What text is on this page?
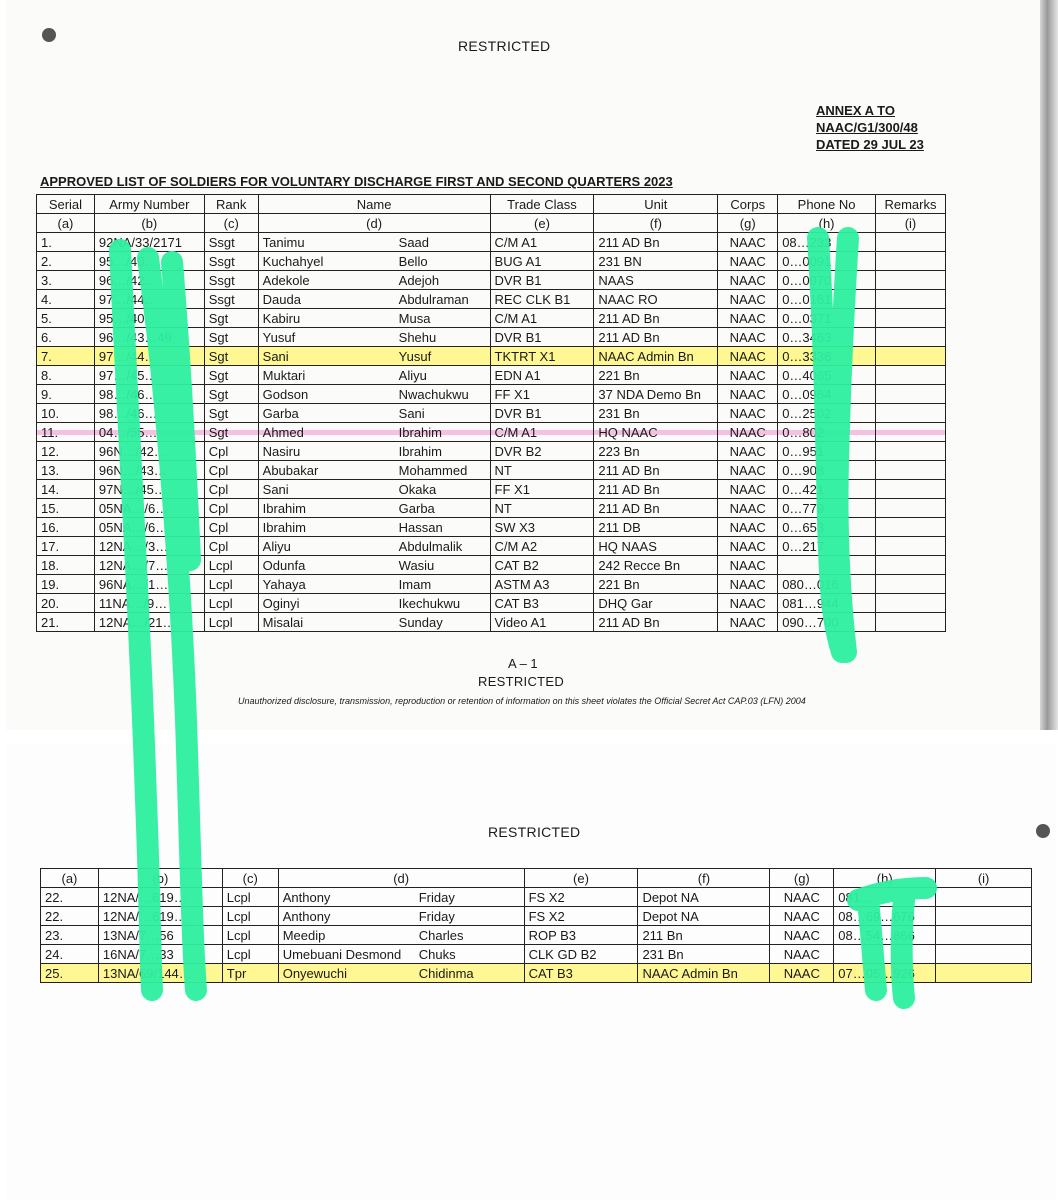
RESTRICTED
ANNEX A TO
NAAC/G1/300/48
DATED 29 JUL 23
APPROVED LIST OF SOLDIERS FOR VOLUNTARY DISCHARGE FIRST AND SECOND QUARTERS 2023
Serial	Army Number	Rank	Name	Trade Class	Unit	Corps	Phone No	Remarks
(a)	(b)	(c)	(d)	(e)	(f)	(g)	(h)	(i)
1.	92NA/33/2171	Ssgt	Tanimu Saad	C/M A1	211 AD Bn	NAAC	08…233	
2.	95…/40…	Ssgt	Kuchahyel Bello	BUG A1	231 BN	NAAC	0…0091	
3.	96…/42…	Ssgt	Adekole Adejoh	DVR B1	NAAS	NAAC	0…0070	
4.	97…/44…	Ssgt	Dauda Abdulraman	REC CLK B1	NAAC RO	NAAC	0…0161	
5.	95…/40…	Sgt	Kabiru Musa	C/M A1	211 AD Bn	NAAC	0…0371	
6.	96…/43…49	Sgt	Yusuf Shehu	DVR B1	211 AD Bn	NAAC	0…3463	
7.	97…/44…	Sgt	Sani Yusuf	TKTRT X1	NAAC Admin Bn	NAAC	0…3336	
8.	97…/45…	Sgt	Muktari Aliyu	EDN A1	221 Bn	NAAC	0…4065	
9.	98…/46…	Sgt	Godson Nwachukwu	FF X1	37 NDA Demo Bn	NAAC	0…0984	
10.	98…/46…	Sgt	Garba Sani	DVR B1	231 Bn	NAAC	0…2502	
11.	04…/55…	Sgt	Ahmed Ibrahim	C/M A1	HQ NAAC	NAAC	0…802	
12.	96N…/42…	Cpl	Nasiru Ibrahim	DVR B2	223 Bn	NAAC	0…951	
13.	96N…/43…	Cpl	Abubakar Mohammed	NT	211 AD Bn	NAAC	0…908	
14.	97N…/45…	Cpl	Sani Okaka	FF X1	211 AD Bn	NAAC	0…421	
15.	05NA…/6…	Cpl	Ibrahim Garba	NT	211 AD Bn	NAAC	0…779	
16.	05NA…/6…	Cpl	Ibrahim Hassan	SW X3	211 DB	NAAC	0…653	
17.	12NA…/3…	Cpl	Aliyu Abdulmalik	C/M A2	HQ NAAS	NAAC	0…217	
18.	12NA…/7…	Lcpl	Odunfa Wasiu	CAT B2	242 Recce Bn	NAAC		
19.	96NA…/1…	Lcpl	Yahaya Imam	ASTM A3	221 Bn	NAAC	080…016	
20.	11NA…/9…	Lcpl	Oginyi Ikechukwu	CAT B3	DHQ Gar	NAAC	081…944	
21.	12NA…/21…	Lcpl	Misalai Sunday	Video A1	211 AD Bn	NAAC	090…700	
A – 1
RESTRICTED
Unauthorized disclosure, transmission, reproduction or retention of information on this sheet violates the Official Secret Act CAP.03 (LFN) 2004
RESTRICTED
(a)	(b)	(c)	(d)	(e)	(f)	(g)	(h)	(i)
22.	12NA/…619…	Lcpl	Anthony Friday	FS X2	Depot NA	NAAC	081…	
22.	12NA/…619…	Lcpl	Anthony Friday	FS X2	Depot NA	NAAC	08…69…676	
23.	13NA/7…56	Lcpl	Meedip Charles	ROP B3	211 Bn	NAAC	08…54…866	
24.	16NA/7…33	Lcpl	Umebuani Desmond Chuks	CLK GD B2	231 Bn	NAAC		
25.	13NA/69/144…	Tpr	Onyewuchi Chidinma	CAT B3	NAAC Admin Bn	NAAC	07…05…926	
